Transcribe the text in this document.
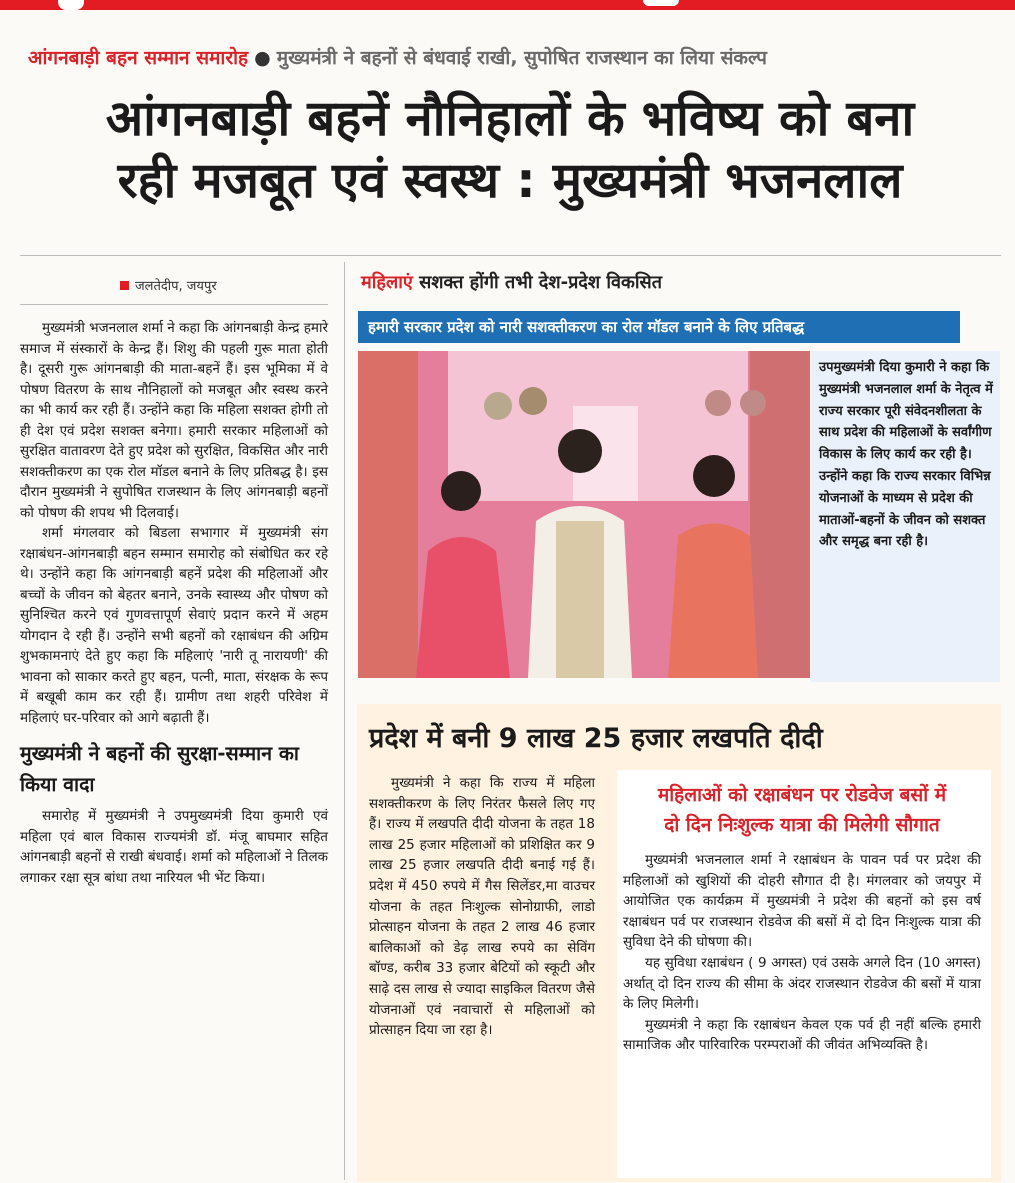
आंगनबाड़ी बहन सम्मान समारोह ● मुख्यमंत्री ने बहनों से बंधवाई राखी, सुपोषित राजस्थान का लिया संकल्प
आंगनबाड़ी बहनें नौनिहालों के भविष्य को बना
रही मजबूत एवं स्वस्थ : मुख्यमंत्री भजनलाल
जलतेदीप, जयपुर

मुख्यमंत्री भजनलाल शर्मा ने कहा कि आंगनबाड़ी केन्द्र हमारे समाज में संस्कारों के केन्द्र हैं। शिशु की पहली गुरू माता होती है। दूसरी गुरू आंगनबाड़ी की माता-बहनें हैं। इस भूमिका में वे पोषण वितरण के साथ नौनिहालों को मजबूत और स्वस्थ करने का भी कार्य कर रही हैं। उन्होंने कहा कि महिला सशक्त होगी तो ही देश एवं प्रदेश सशक्त बनेगा। हमारी सरकार महिलाओं को सुरक्षित वातावरण देते हुए प्रदेश को सुरक्षित, विकसित और नारी सशक्तीकरण का एक रोल मॉडल बनाने के लिए प्रतिबद्ध है। इस दौरान मुख्यमंत्री ने सुपोषित राजस्थान के लिए आंगनबाड़ी बहनों को पोषण की शपथ भी दिलवाई।

शर्मा मंगलवार को बिडला सभागार में मुख्यमंत्री संग रक्षाबंधन-आंगनबाड़ी बहन सम्मान समारोह को संबोधित कर रहे थे। उन्होंने कहा कि आंगनबाड़ी बहनें प्रदेश की महिलाओं और बच्चों के जीवन को बेहतर बनाने, उनके स्वास्थ्य और पोषण को सुनिश्चित करने एवं गुणवत्तापूर्ण सेवाएं प्रदान करने में अहम योगदान दे रही हैं। उन्होंने सभी बहनों को रक्षाबंधन की अग्रिम शुभकामनाएं देते हुए कहा कि महिलाएं 'नारी तू नारायणी' की भावना को साकार करते हुए बहन, पत्नी, माता, संरक्षक के रूप में बखूबी काम कर रही हैं। ग्रामीण तथा शहरी परिवेश में महिलाएं घर-परिवार को आगे बढ़ाती हैं।

मुख्यमंत्री ने बहनों की सुरक्षा-सम्मान का किया वादा

समारोह में मुख्यमंत्री ने उपमुख्यमंत्री दिया कुमारी एवं महिला एवं बाल विकास राज्यमंत्री डॉ. मंजू बाघमार सहित आंगनबाड़ी बहनों से राखी बंधवाई। शर्मा को महिलाओं ने तिलक लगाकर रक्षा सूत्र बांधा तथा नारियल भी भेंट किया।

महिलाएं सशक्त होंगी तभी देश-प्रदेश विकसित
हमारी सरकार प्रदेश को नारी सशक्तीकरण का रोल मॉडल बनाने के लिए प्रतिबद्ध
उपमुख्यमंत्री दिया कुमारी ने कहा कि मुख्यमंत्री भजनलाल शर्मा के नेतृत्व में राज्य सरकार पूरी संवेदनशीलता के साथ प्रदेश की महिलाओं के सर्वांगीण विकास के लिए कार्य कर रही है। उन्होंने कहा कि राज्य सरकार विभिन्न योजनाओं के माध्यम से प्रदेश की माताओं-बहनों के जीवन को सशक्त और समृद्ध बना रही है।
प्रदेश में बनी 9 लाख 25 हजार लखपति दीदी

मुख्यमंत्री ने कहा कि राज्य में महिला सशक्तीकरण के लिए निरंतर फैसले लिए गए हैं। राज्य में लखपति दीदी योजना के तहत 18 लाख 25 हजार महिलाओं को प्रशिक्षित कर 9 लाख 25 हजार लखपति दीदी बनाई गई हैं। प्रदेश में 450 रुपये में गैस सिलेंडर,मा वाउचर योजना के तहत निःशुल्क सोनोग्राफी, लाडो प्रोत्साहन योजना के तहत 2 लाख 46 हजार बालिकाओं को डेढ़ लाख रुपये का सेविंग बॉण्ड, करीब 33 हजार बेटियों को स्कूटी और साढ़े दस लाख से ज्यादा साइकिल वितरण जैसे योजनाओं एवं नवाचारों से महिलाओं को प्रोत्साहन दिया जा रहा है।

महिलाओं को रक्षाबंधन पर रोडवेज बसों में
दो दिन निःशुल्क यात्रा की मिलेगी सौगात

मुख्यमंत्री भजनलाल शर्मा ने रक्षाबंधन के पावन पर्व पर प्रदेश की महिलाओं को खुशियों की दोहरी सौगात दी है। मंगलवार को जयपुर में आयोजित एक कार्यक्रम में मुख्यमंत्री ने प्रदेश की बहनों को इस वर्ष रक्षाबंधन पर्व पर राजस्थान रोडवेज की बसों में दो दिन निःशुल्क यात्रा की सुविधा देने की घोषणा की।

यह सुविधा रक्षाबंधन ( 9 अगस्त) एवं उसके अगले दिन (10 अगस्त) अर्थात् दो दिन राज्य की सीमा के अंदर राजस्थान रोडवेज की बसों में यात्रा के लिए मिलेगी।

मुख्यमंत्री ने कहा कि रक्षाबंधन केवल एक पर्व ही नहीं बल्कि हमारी सामाजिक और पारिवारिक परम्पराओं की जीवंत अभिव्यक्ति है।
